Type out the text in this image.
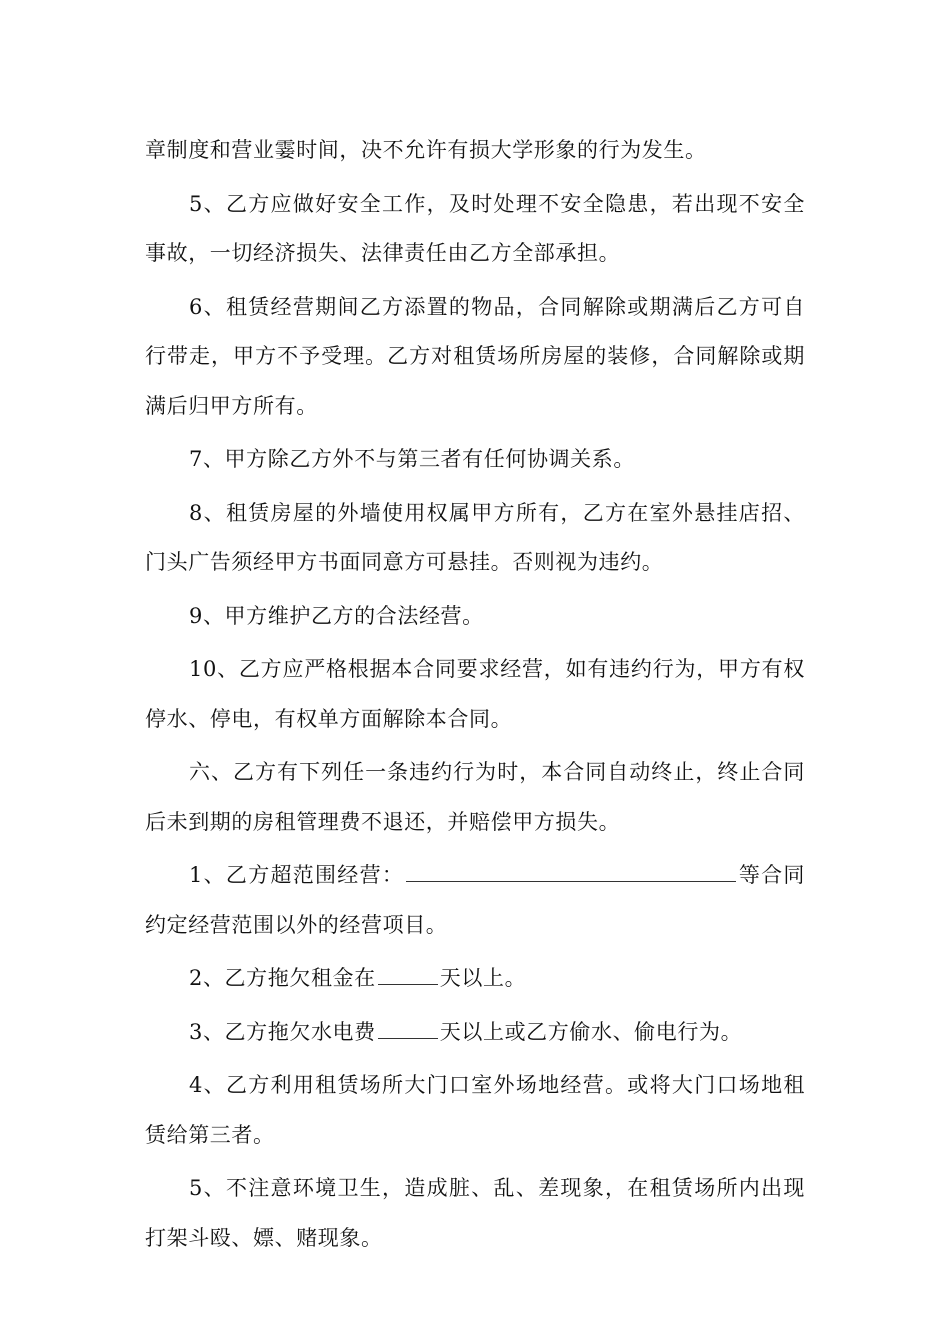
章制度和营业霎时间，决不允许有损大学形象的行为发生。

5、乙方应做好安全工作，及时处理不安全隐患，若出现不安全事故，一切经济损失、法律责任由乙方全部承担。

6、租赁经营期间乙方添置的物品，合同解除或期满后乙方可自行带走，甲方不予受理。乙方对租赁场所房屋的装修，合同解除或期满后归甲方所有。

7、甲方除乙方外不与第三者有任何协调关系。

8、租赁房屋的外墙使用权属甲方所有，乙方在室外悬挂店招、门头广告须经甲方书面同意方可悬挂。否则视为违约。

9、甲方维护乙方的合法经营。

10、乙方应严格根据本合同要求经营，如有违约行为，甲方有权停水、停电，有权单方面解除本合同。

六、乙方有下列任一条违约行为时，本合同自动终止，终止合同后未到期的房租管理费不退还，并赔偿甲方损失。

1、乙方超范围经营：	等合同约定经营范围以外的经营项目。

2、乙方拖欠租金在	天以上。

3、乙方拖欠水电费	天以上或乙方偷水、偷电行为。

4、乙方利用租赁场所大门口室外场地经营。或将大门口场地租赁给第三者。

5、不注意环境卫生，造成脏、乱、差现象，在租赁场所内出现打架斗殴、嫖、赌现象。
